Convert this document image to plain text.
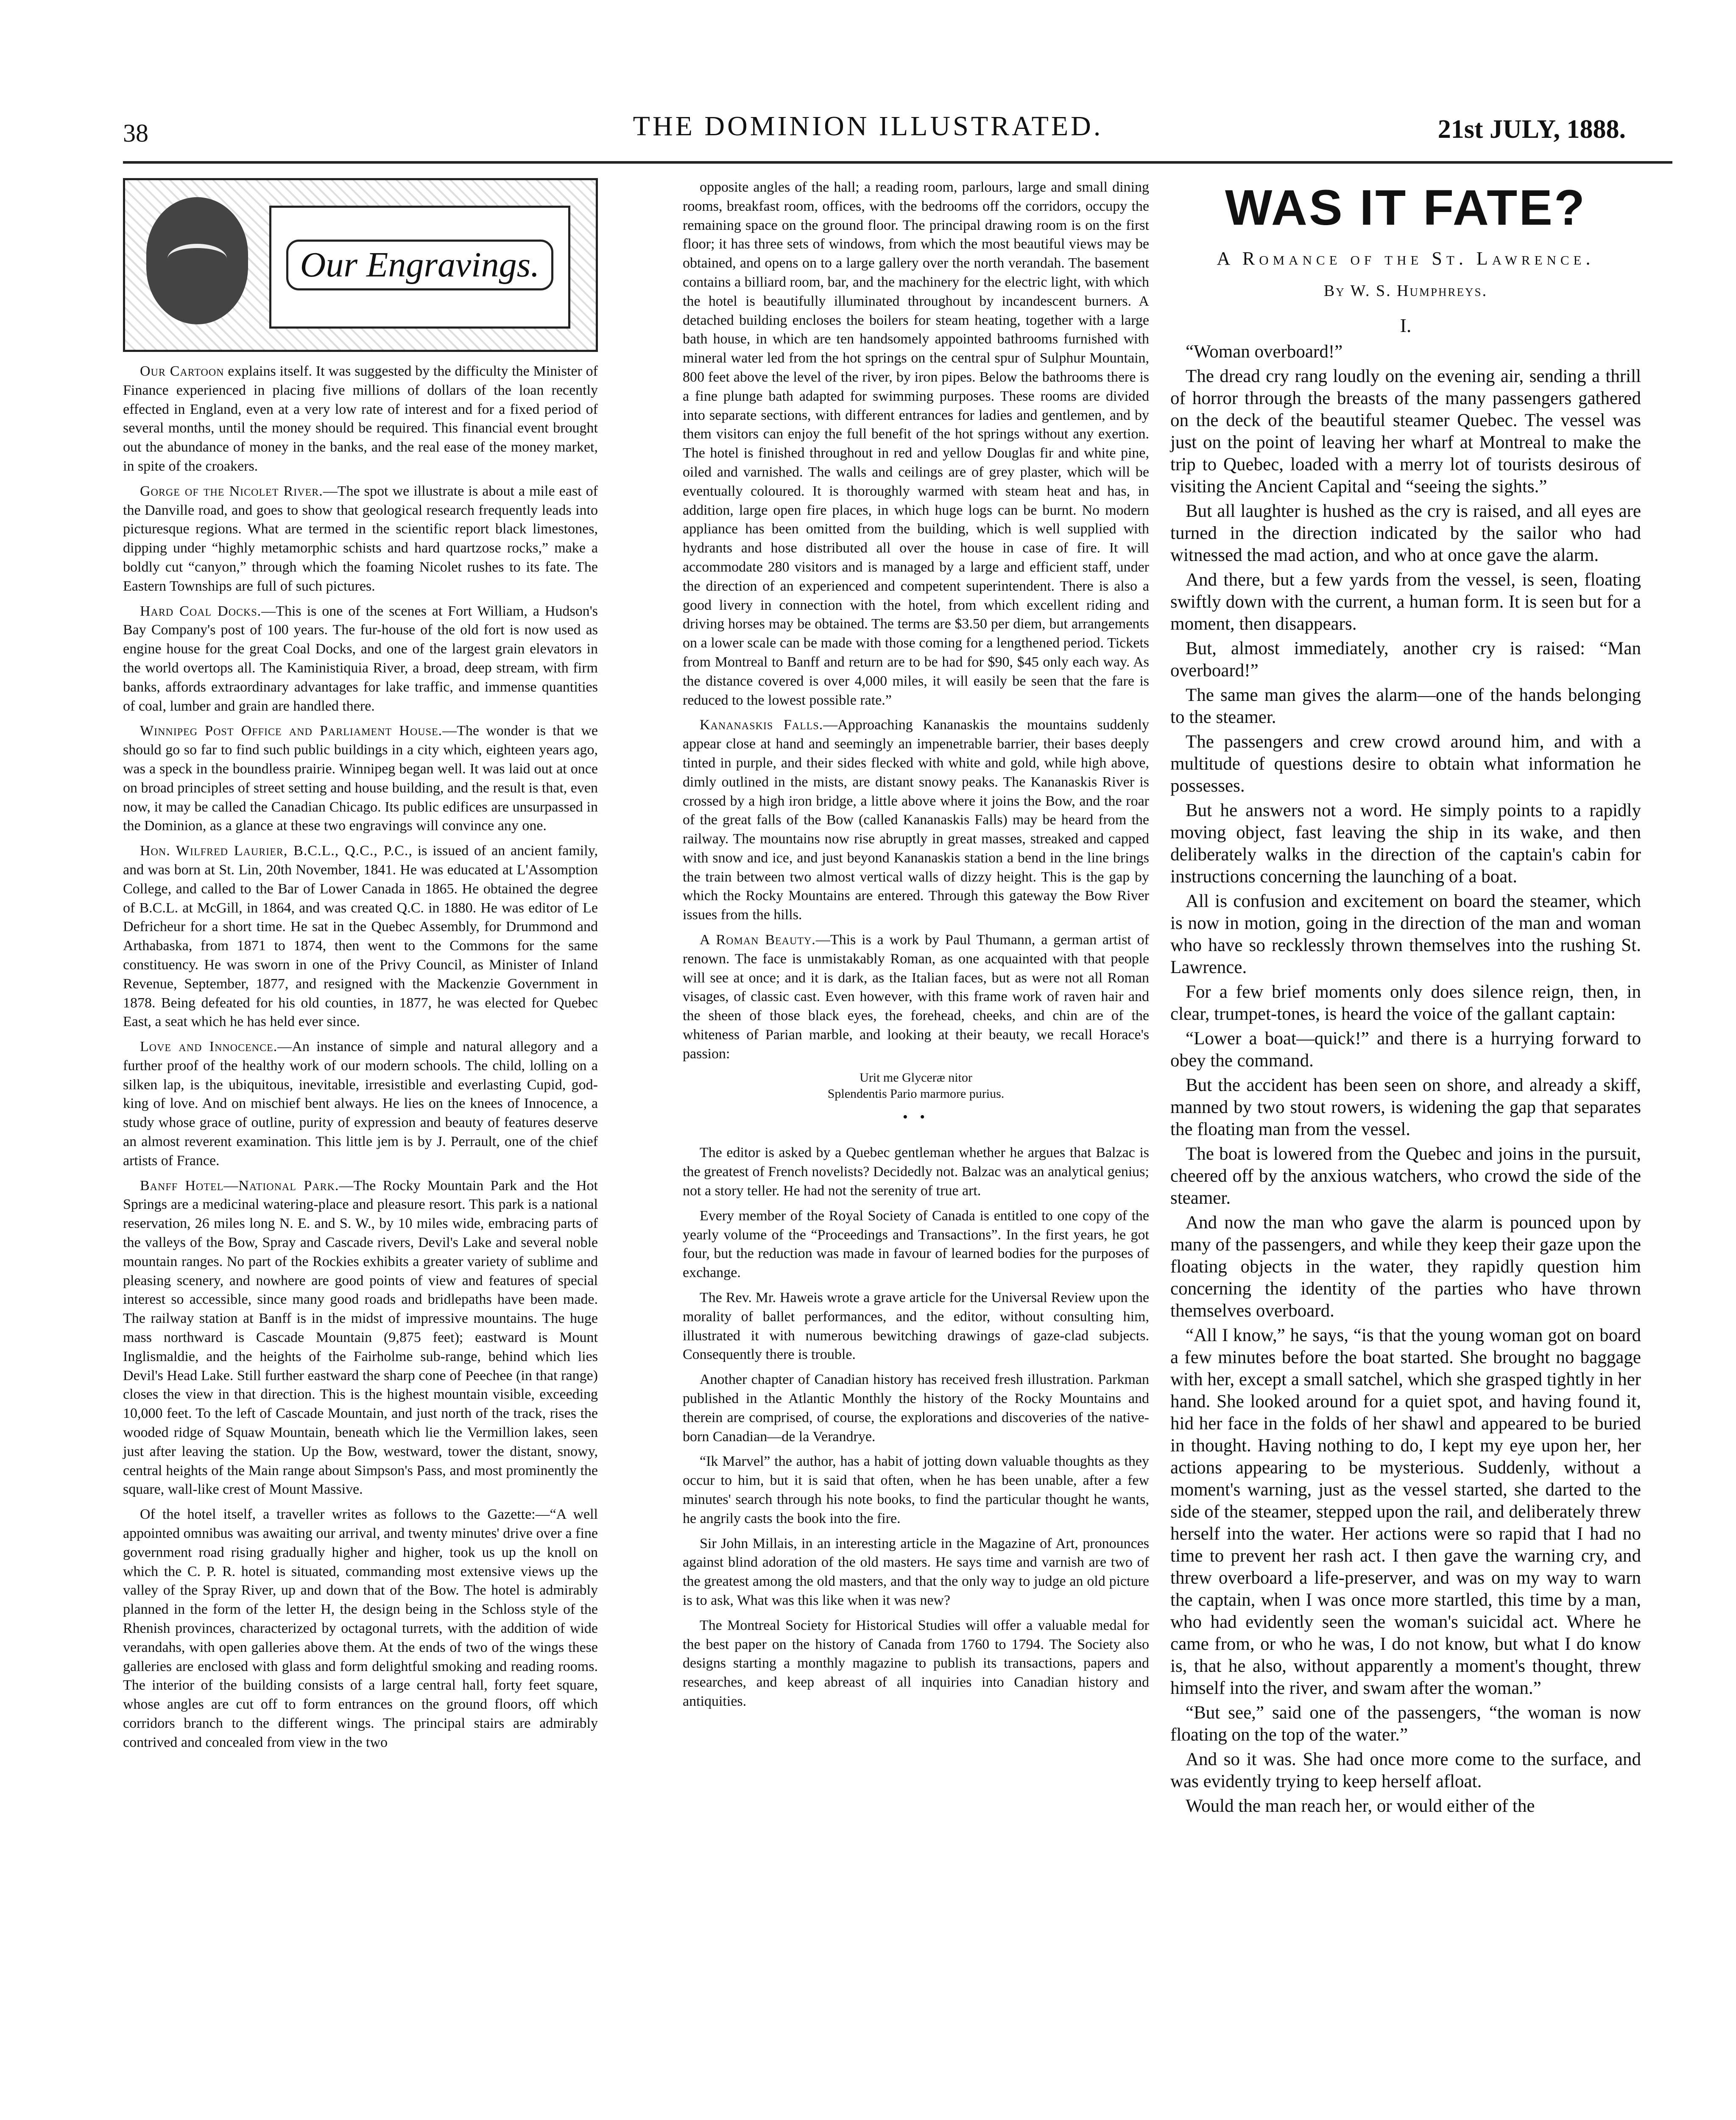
38	THE DOMINION ILLUSTRATED.	21st JULY, 1888.
Our Engravings.

Our Cartoon explains itself. It was suggested by the difficulty the Minister of Finance experienced in placing five millions of dollars of the loan recently effected in England, even at a very low rate of interest and for a fixed period of several months, until the money should be required. This financial event brought out the abundance of money in the banks, and the real ease of the money market, in spite of the croakers.

Gorge of the Nicolet River.—The spot we illustrate is about a mile east of the Danville road, and goes to show that geological research frequently leads into picturesque regions. What are termed in the scientific report black limestones, dipping under “highly metamorphic schists and hard quartzose rocks,” make a boldly cut “canyon,” through which the foaming Nicolet rushes to its fate. The Eastern Townships are full of such pictures.

Hard Coal Docks.—This is one of the scenes at Fort William, a Hudson's Bay Company's post of 100 years. The fur-house of the old fort is now used as engine house for the great Coal Docks, and one of the largest grain elevators in the world overtops all. The Kaministiquia River, a broad, deep stream, with firm banks, affords extraordinary advantages for lake traffic, and immense quantities of coal, lumber and grain are handled there.

Winnipeg Post Office and Parliament House.—The wonder is that we should go so far to find such public buildings in a city which, eighteen years ago, was a speck in the boundless prairie. Winnipeg began well. It was laid out at once on broad principles of street setting and house building, and the result is that, even now, it may be called the Canadian Chicago. Its public edifices are unsurpassed in the Dominion, as a glance at these two engravings will convince any one.

Hon. Wilfred Laurier, B.C.L., Q.C., P.C., is issued of an ancient family, and was born at St. Lin, 20th November, 1841. He was educated at L'Assomption College, and called to the Bar of Lower Canada in 1865. He obtained the degree of B.C.L. at McGill, in 1864, and was created Q.C. in 1880. He was editor of Le Defricheur for a short time. He sat in the Quebec Assembly, for Drummond and Arthabaska, from 1871 to 1874, then went to the Commons for the same constituency. He was sworn in one of the Privy Council, as Minister of Inland Revenue, September, 1877, and resigned with the Mackenzie Government in 1878. Being defeated for his old counties, in 1877, he was elected for Quebec East, a seat which he has held ever since.

Love and Innocence.—An instance of simple and natural allegory and a further proof of the healthy work of our modern schools. The child, lolling on a silken lap, is the ubiquitous, inevitable, irresistible and everlasting Cupid, god-king of love. And on mischief bent always. He lies on the knees of Innocence, a study whose grace of outline, purity of expression and beauty of features deserve an almost reverent examination. This little jem is by J. Perrault, one of the chief artists of France.

Banff Hotel—National Park.—The Rocky Mountain Park and the Hot Springs are a medicinal watering-place and pleasure resort. This park is a national reservation, 26 miles long N. E. and S. W., by 10 miles wide, embracing parts of the valleys of the Bow, Spray and Cascade rivers, Devil's Lake and several noble mountain ranges. No part of the Rockies exhibits a greater variety of sublime and pleasing scenery, and nowhere are good points of view and features of special interest so accessible, since many good roads and bridlepaths have been made. The railway station at Banff is in the midst of impressive mountains. The huge mass northward is Cascade Mountain (9,875 feet); eastward is Mount Inglismaldie, and the heights of the Fairholme sub-range, behind which lies Devil's Head Lake. Still further eastward the sharp cone of Peechee (in that range) closes the view in that direction. This is the highest mountain visible, exceeding 10,000 feet. To the left of Cascade Mountain, and just north of the track, rises the wooded ridge of Squaw Mountain, beneath which lie the Vermillion lakes, seen just after leaving the station. Up the Bow, westward, tower the distant, snowy, central heights of the Main range about Simpson's Pass, and most prominently the square, wall-like crest of Mount Massive.

Of the hotel itself, a traveller writes as follows to the Gazette:—“A well appointed omnibus was awaiting our arrival, and twenty minutes' drive over a fine government road rising gradually higher and higher, took us up the knoll on which the C. P. R. hotel is situated, commanding most extensive views up the valley of the Spray River, up and down that of the Bow. The hotel is admirably planned in the form of the letter H, the design being in the Schloss style of the Rhenish provinces, characterized by octagonal turrets, with the addition of wide verandahs, with open galleries above them. At the ends of two of the wings these galleries are enclosed with glass and form delightful smoking and reading rooms. The interior of the building consists of a large central hall, forty feet square, whose angles are cut off to form entrances on the ground floors, off which corridors branch to the different wings. The principal stairs are admirably contrived and concealed from view in the two

opposite angles of the hall; a reading room, parlours, large and small dining rooms, breakfast room, offices, with the bedrooms off the corridors, occupy the remaining space on the ground floor. The principal drawing room is on the first floor; it has three sets of windows, from which the most beautiful views may be obtained, and opens on to a large gallery over the north verandah. The basement contains a billiard room, bar, and the machinery for the electric light, with which the hotel is beautifully illuminated throughout by incandescent burners. A detached building encloses the boilers for steam heating, together with a large bath house, in which are ten handsomely appointed bathrooms furnished with mineral water led from the hot springs on the central spur of Sulphur Mountain, 800 feet above the level of the river, by iron pipes. Below the bathrooms there is a fine plunge bath adapted for swimming purposes. These rooms are divided into separate sections, with different entrances for ladies and gentlemen, and by them visitors can enjoy the full benefit of the hot springs without any exertion. The hotel is finished throughout in red and yellow Douglas fir and white pine, oiled and varnished. The walls and ceilings are of grey plaster, which will be eventually coloured. It is thoroughly warmed with steam heat and has, in addition, large open fire places, in which huge logs can be burnt. No modern appliance has been omitted from the building, which is well supplied with hydrants and hose distributed all over the house in case of fire. It will accommodate 280 visitors and is managed by a large and efficient staff, under the direction of an experienced and competent superintendent. There is also a good livery in connection with the hotel, from which excellent riding and driving horses may be obtained. The terms are $3.50 per diem, but arrangements on a lower scale can be made with those coming for a lengthened period. Tickets from Montreal to Banff and return are to be had for $90, $45 only each way. As the distance covered is over 4,000 miles, it will easily be seen that the fare is reduced to the lowest possible rate.”

Kananaskis Falls.—Approaching Kananaskis the mountains suddenly appear close at hand and seemingly an impenetrable barrier, their bases deeply tinted in purple, and their sides flecked with white and gold, while high above, dimly outlined in the mists, are distant snowy peaks. The Kananaskis River is crossed by a high iron bridge, a little above where it joins the Bow, and the roar of the great falls of the Bow (called Kananaskis Falls) may be heard from the railway. The mountains now rise abruptly in great masses, streaked and capped with snow and ice, and just beyond Kananaskis station a bend in the line brings the train between two almost vertical walls of dizzy height. This is the gap by which the Rocky Mountains are entered. Through this gateway the Bow River issues from the hills.

A Roman Beauty.—This is a work by Paul Thumann, a german artist of renown. The face is unmistakably Roman, as one acquainted with that people will see at once; and it is dark, as the Italian faces, but as were not all Roman visages, of classic cast. Even however, with this frame work of raven hair and the sheen of those black eyes, the forehead, cheeks, and chin are of the whiteness of Parian marble, and looking at their beauty, we recall Horace's passion:

Urit me Glyceræ nitor

Splendentis Pario marmore purius.

• •

The editor is asked by a Quebec gentleman whether he argues that Balzac is the greatest of French novelists? Decidedly not. Balzac was an analytical genius; not a story teller. He had not the serenity of true art.

Every member of the Royal Society of Canada is entitled to one copy of the yearly volume of the “Proceedings and Transactions”. In the first years, he got four, but the reduction was made in favour of learned bodies for the purposes of exchange.

The Rev. Mr. Haweis wrote a grave article for the Universal Review upon the morality of ballet performances, and the editor, without consulting him, illustrated it with numerous bewitching drawings of gaze-clad subjects. Consequently there is trouble.

Another chapter of Canadian history has received fresh illustration. Parkman published in the Atlantic Monthly the history of the Rocky Mountains and therein are comprised, of course, the explorations and discoveries of the native-born Canadian—de la Verandrye.

“Ik Marvel” the author, has a habit of jotting down valuable thoughts as they occur to him, but it is said that often, when he has been unable, after a few minutes' search through his note books, to find the particular thought he wants, he angrily casts the book into the fire.

Sir John Millais, in an interesting article in the Magazine of Art, pronounces against blind adoration of the old masters. He says time and varnish are two of the greatest among the old masters, and that the only way to judge an old picture is to ask, What was this like when it was new?

The Montreal Society for Historical Studies will offer a valuable medal for the best paper on the history of Canada from 1760 to 1794. The Society also designs starting a monthly magazine to publish its transactions, papers and researches, and keep abreast of all inquiries into Canadian history and antiquities.

WAS IT FATE?
A Romance of the St. Lawrence.
By W. S. Humphreys.
I.

“Woman overboard!”

The dread cry rang loudly on the evening air, sending a thrill of horror through the breasts of the many passengers gathered on the deck of the beautiful steamer Quebec. The vessel was just on the point of leaving her wharf at Montreal to make the trip to Quebec, loaded with a merry lot of tourists desirous of visiting the Ancient Capital and “seeing the sights.”

But all laughter is hushed as the cry is raised, and all eyes are turned in the direction indicated by the sailor who had witnessed the mad action, and who at once gave the alarm.

And there, but a few yards from the vessel, is seen, floating swiftly down with the current, a human form. It is seen but for a moment, then disappears.

But, almost immediately, another cry is raised: “Man overboard!”

The same man gives the alarm—one of the hands belonging to the steamer.

The passengers and crew crowd around him, and with a multitude of questions desire to obtain what information he possesses.

But he answers not a word. He simply points to a rapidly moving object, fast leaving the ship in its wake, and then deliberately walks in the direction of the captain's cabin for instructions concerning the launching of a boat.

All is confusion and excitement on board the steamer, which is now in motion, going in the direction of the man and woman who have so recklessly thrown themselves into the rushing St. Lawrence.

For a few brief moments only does silence reign, then, in clear, trumpet-tones, is heard the voice of the gallant captain:

“Lower a boat—quick!” and there is a hurrying forward to obey the command.

But the accident has been seen on shore, and already a skiff, manned by two stout rowers, is widening the gap that separates the floating man from the vessel.

The boat is lowered from the Quebec and joins in the pursuit, cheered off by the anxious watchers, who crowd the side of the steamer.

And now the man who gave the alarm is pounced upon by many of the passengers, and while they keep their gaze upon the floating objects in the water, they rapidly question him concerning the identity of the parties who have thrown themselves overboard.

“All I know,” he says, “is that the young woman got on board a few minutes before the boat started. She brought no baggage with her, except a small satchel, which she grasped tightly in her hand. She looked around for a quiet spot, and having found it, hid her face in the folds of her shawl and appeared to be buried in thought. Having nothing to do, I kept my eye upon her, her actions appearing to be mysterious. Suddenly, without a moment's warning, just as the vessel started, she darted to the side of the steamer, stepped upon the rail, and deliberately threw herself into the water. Her actions were so rapid that I had no time to prevent her rash act. I then gave the warning cry, and threw overboard a life-preserver, and was on my way to warn the captain, when I was once more startled, this time by a man, who had evidently seen the woman's suicidal act. Where he came from, or who he was, I do not know, but what I do know is, that he also, without apparently a moment's thought, threw himself into the river, and swam after the woman.”

“But see,” said one of the passengers, “the woman is now floating on the top of the water.”

And so it was. She had once more come to the surface, and was evidently trying to keep herself afloat.

Would the man reach her, or would either of the
